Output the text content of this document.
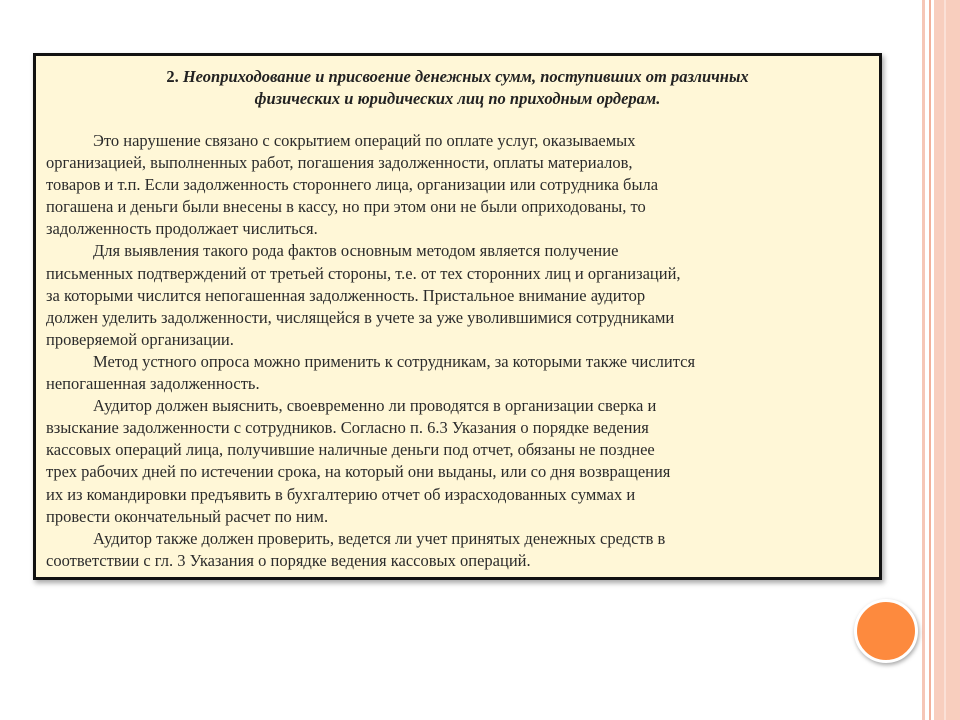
2. Неоприходование и присвоение денежных сумм, поступивших от различных
физических и юридических лиц по приходным ордерам.
Это нарушение связано с сокрытием операций по оплате услуг, оказываемых
организацией, выполненных работ, погашения задолженности, оплаты материалов,
товаров и т.п. Если задолженность стороннего лица, организации или сотрудника была
погашена и деньги были внесены в кассу, но при этом они не были оприходованы, то
задолженность продолжает числиться.
Для выявления такого рода фактов основным методом является получение
письменных подтверждений от третьей стороны, т.е. от тех сторонних лиц и организаций,
за которыми числится непогашенная задолженность. Пристальное внимание аудитор
должен уделить задолженности, числящейся в учете за уже уволившимися сотрудниками
проверяемой организации.
Метод устного опроса можно применить к сотрудникам, за которыми также числится
непогашенная задолженность.
Аудитор должен выяснить, своевременно ли проводятся в организации сверка и
взыскание задолженности с сотрудников. Согласно п. 6.3 Указания о порядке ведения
кассовых операций лица, получившие наличные деньги под отчет, обязаны не позднее
трех рабочих дней по истечении срока, на который они выданы, или со дня возвращения
их из командировки предъявить в бухгалтерию отчет об израсходованных суммах и
провести окончательный расчет по ним.
Аудитор также должен проверить, ведется ли учет принятых денежных средств в
соответствии с гл. 3 Указания о порядке ведения кассовых операций.
